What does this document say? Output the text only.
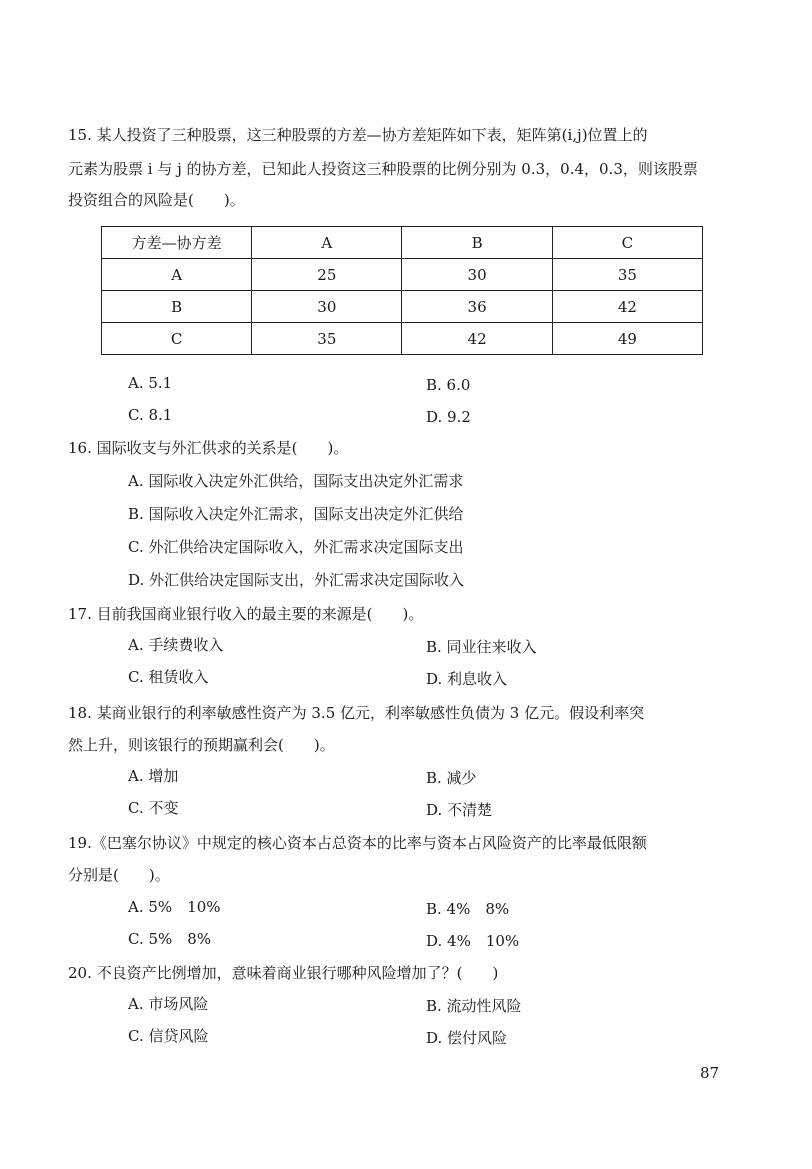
15. 某人投资了三种股票，这三种股票的方差—协方差矩阵如下表，矩阵第(i,j)位置上的
元素为股票 i 与 j 的协方差，已知此人投资这三种股票的比例分别为 0.3，0.4，0.3，则该股票
投资组合的风险是(　　)。
方差—协方差	A	B	C
A	25	30	35
B	30	36	42
C	35	42	49
A. 5.1	B. 6.0
C. 8.1	D. 9.2
16. 国际收支与外汇供求的关系是(　　)。
A. 国际收入决定外汇供给，国际支出决定外汇需求
B. 国际收入决定外汇需求，国际支出决定外汇供给
C. 外汇供给决定国际收入，外汇需求决定国际支出
D. 外汇供给决定国际支出，外汇需求决定国际收入
17. 目前我国商业银行收入的最主要的来源是(　　)。
A. 手续费收入	B. 同业往来收入
C. 租赁收入	D. 利息收入
18. 某商业银行的利率敏感性资产为 3.5 亿元，利率敏感性负债为 3 亿元。假设利率突
然上升，则该银行的预期赢利会(　　)。
A. 增加	B. 减少
C. 不变	D. 不清楚
19.《巴塞尔协议》中规定的核心资本占总资本的比率与资本占风险资产的比率最低限额
分别是(　　)。
A. 5%　10%	B. 4%　8%
C. 5%　8%	D. 4%　10%
20. 不良资产比例增加，意味着商业银行哪种风险增加了？(　　)
A. 市场风险	B. 流动性风险
C. 信贷风险	D. 偿付风险
87
